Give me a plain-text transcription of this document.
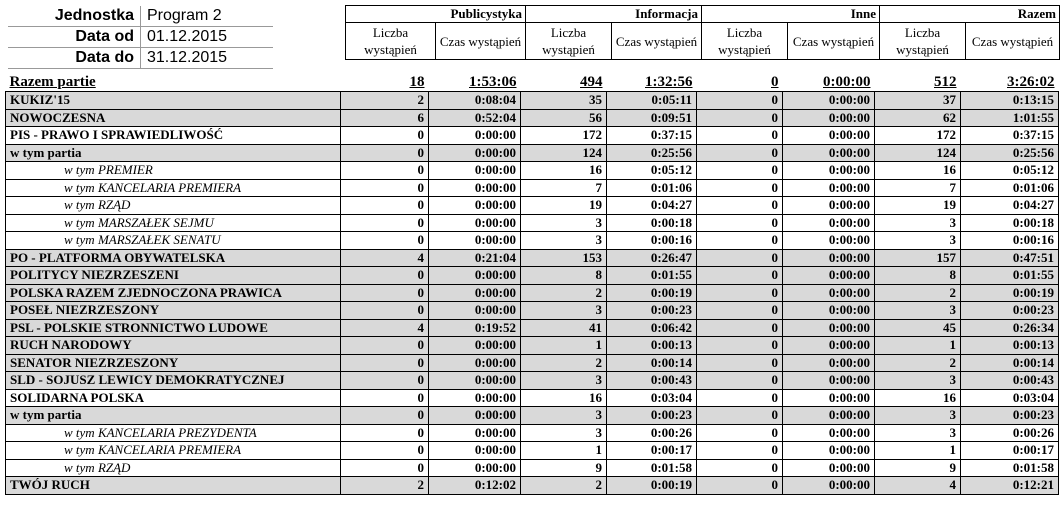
Jednostka	Program 2
Data od	01.12.2015
Data do	31.12.2015
Publicystyka		Informacja		Inne		Razem	
Liczba wystąpień	Czas wystąpień	Liczba wystąpień	Czas wystąpień	Liczba wystąpień	Czas wystąpień	Liczba wystąpień	Czas wystąpień
Razem partie	18	1:53:06	494	1:32:56	0	0:00:00	512	3:26:02
KUKIZ'15	2	0:08:04	35	0:05:11	0	0:00:00	37	0:13:15
NOWOCZESNA	6	0:52:04	56	0:09:51	0	0:00:00	62	1:01:55
PIS - PRAWO I SPRAWIEDLIWOŚĆ	0	0:00:00	172	0:37:15	0	0:00:00	172	0:37:15
w tym partia	0	0:00:00	124	0:25:56	0	0:00:00	124	0:25:56
w tym PREMIER	0	0:00:00	16	0:05:12	0	0:00:00	16	0:05:12
w tym KANCELARIA PREMIERA	0	0:00:00	7	0:01:06	0	0:00:00	7	0:01:06
w tym RZĄD	0	0:00:00	19	0:04:27	0	0:00:00	19	0:04:27
w tym MARSZAŁEK SEJMU	0	0:00:00	3	0:00:18	0	0:00:00	3	0:00:18
w tym MARSZAŁEK SENATU	0	0:00:00	3	0:00:16	0	0:00:00	3	0:00:16
PO - PLATFORMA OBYWATELSKA	4	0:21:04	153	0:26:47	0	0:00:00	157	0:47:51
POLITYCY NIEZRZESZENI	0	0:00:00	8	0:01:55	0	0:00:00	8	0:01:55
POLSKA RAZEM ZJEDNOCZONA PRAWICA	0	0:00:00	2	0:00:19	0	0:00:00	2	0:00:19
POSEŁ NIEZRZESZONY	0	0:00:00	3	0:00:23	0	0:00:00	3	0:00:23
PSL - POLSKIE STRONNICTWO LUDOWE	4	0:19:52	41	0:06:42	0	0:00:00	45	0:26:34
RUCH NARODOWY	0	0:00:00	1	0:00:13	0	0:00:00	1	0:00:13
SENATOR NIEZRZESZONY	0	0:00:00	2	0:00:14	0	0:00:00	2	0:00:14
SLD - SOJUSZ LEWICY DEMOKRATYCZNEJ	0	0:00:00	3	0:00:43	0	0:00:00	3	0:00:43
SOLIDARNA POLSKA	0	0:00:00	16	0:03:04	0	0:00:00	16	0:03:04
w tym partia	0	0:00:00	3	0:00:23	0	0:00:00	3	0:00:23
w tym KANCELARIA PREZYDENTA	0	0:00:00	3	0:00:26	0	0:00:00	3	0:00:26
w tym KANCELARIA PREMIERA	0	0:00:00	1	0:00:17	0	0:00:00	1	0:00:17
w tym RZĄD	0	0:00:00	9	0:01:58	0	0:00:00	9	0:01:58
TWÓJ RUCH	2	0:12:02	2	0:00:19	0	0:00:00	4	0:12:21
